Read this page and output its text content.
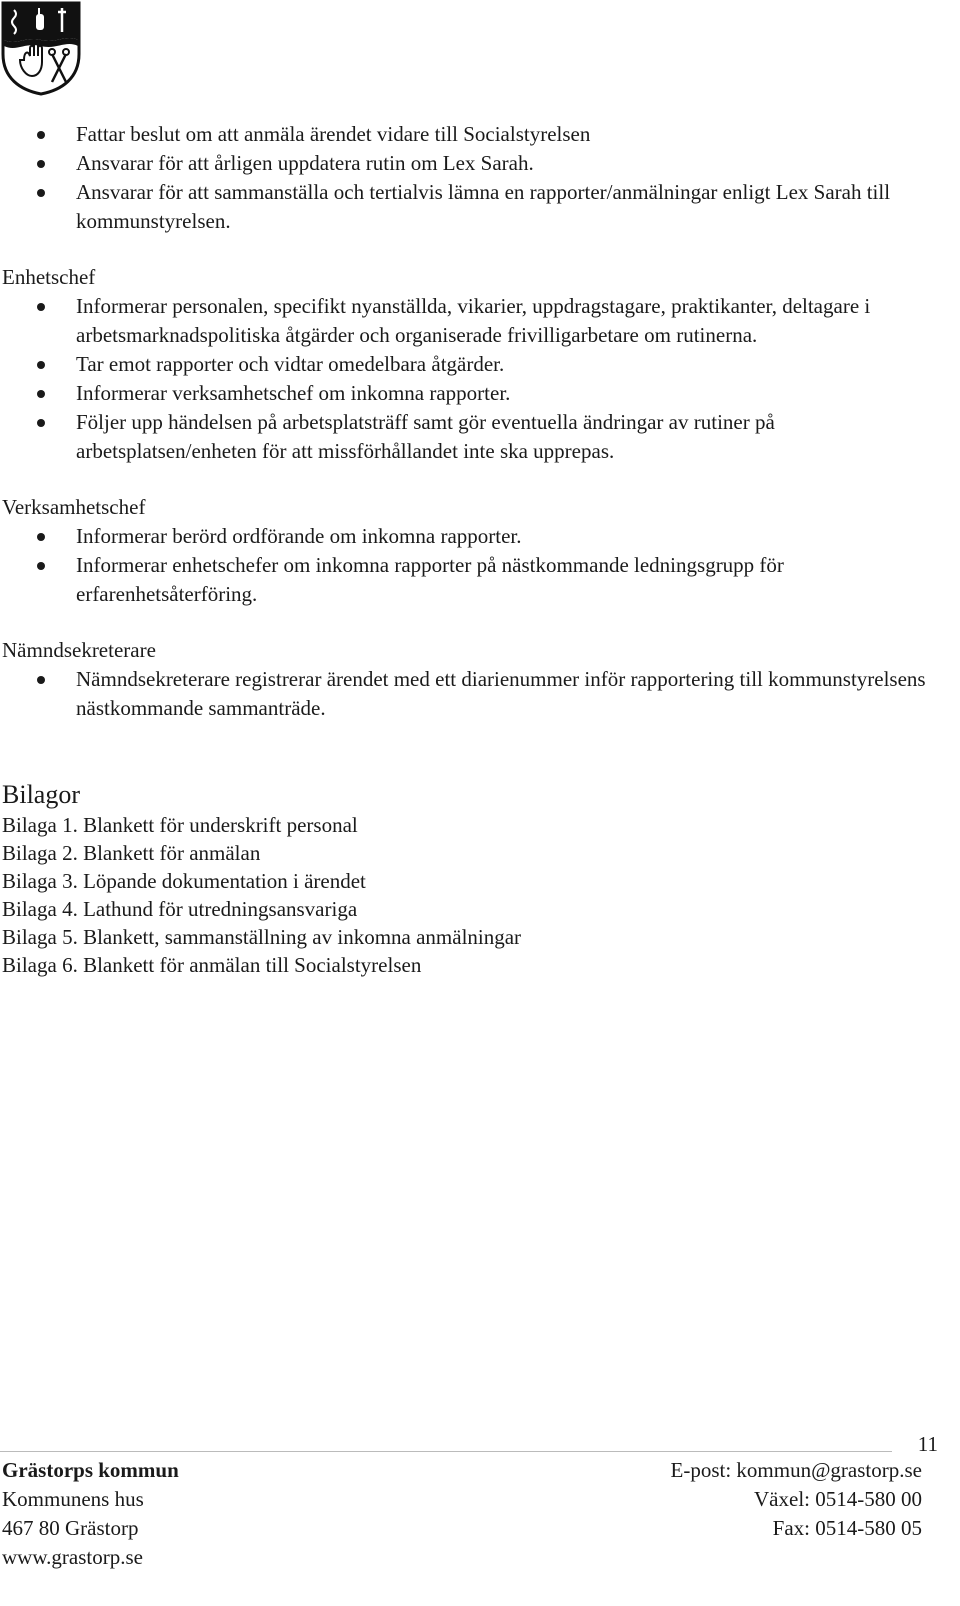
Fattar beslut om att anmäla ärendet vidare till Socialstyrelsen
Ansvarar för att årligen uppdatera rutin om Lex Sarah.
Ansvarar för att sammanställa och tertialvis lämna en rapporter/anmälningar enligt Lex Sarah till kommunstyrelsen.
Enhetschef
Informerar personalen, specifikt nyanställda, vikarier, uppdragstagare, praktikanter, deltagare i arbetsmarknadspolitiska åtgärder och organiserade frivilligarbetare om rutinerna.
Tar emot rapporter och vidtar omedelbara åtgärder.
Informerar verksamhetschef om inkomna rapporter.
Följer upp händelsen på arbetsplatsträff samt gör eventuella ändringar av rutiner på arbetsplatsen/enheten för att missförhållandet inte ska upprepas.
Verksamhetschef
Informerar berörd ordförande om inkomna rapporter.
Informerar enhetschefer om inkomna rapporter på nästkommande ledningsgrupp för erfarenhetsåterföring.
Nämndsekreterare
Nämndsekreterare registrerar ärendet med ett diarienummer inför rapportering till kommunstyrelsens nästkommande sammanträde.
Bilagor
Bilaga 1. Blankett för underskrift personal
Bilaga 2. Blankett för anmälan
Bilaga 3. Löpande dokumentation i ärendet
Bilaga 4. Lathund för utredningsansvariga
Bilaga 5. Blankett, sammanställning av inkomna anmälningar
Bilaga 6. Blankett för anmälan till Socialstyrelsen
11
Grästorps kommun
Kommunens hus
467 80 Grästorp
www.grastorp.se
E-post: kommun@grastorp.se
Växel: 0514-580 00
Fax: 0514-580 05
